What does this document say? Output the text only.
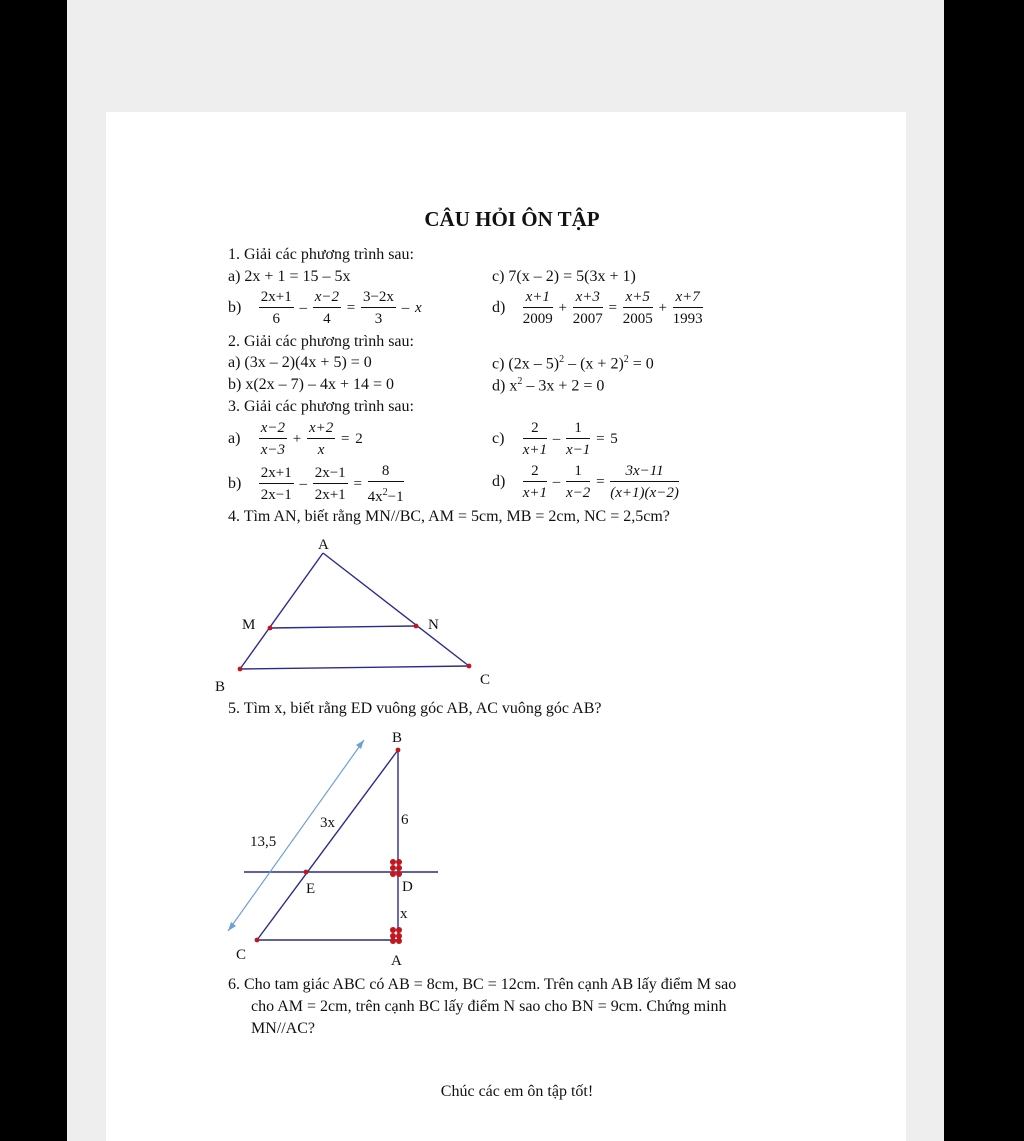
CÂU HỎI ÔN TẬP
1. Giải các phương trình sau:
a) 2x + 1 = 15 – 5x	c) 7(x – 2) = 5(3x + 1)
$b) \frac{2x+1}{6} - \frac{x-2}{4} = \frac{3-2x}{3} - x$	$d) \frac{x+1}{2009} + \frac{x+3}{2007} = \frac{x+5}{2005} + \frac{x+7}{1993}$
2. Giải các phương trình sau:
a) (3x – 2)(4x + 5) = 0	c) $(2x - 5)^2 - (x + 2)^2 = 0$
b) x(2x – 7) – 4x + 14 = 0	d) $x^2 - 3x + 2 = 0$
3. Giải các phương trình sau:
$a) \frac{x-2}{x-3} + \frac{x+2}{x} = 2$	$c) \frac{2}{x+1} - \frac{1}{x-1} = 5$
$b) \frac{2x+1}{2x-1} - \frac{2x-1}{2x+1} = \frac{8}{4x^2-1}$	$d) \frac{2}{x+1} - \frac{1}{x-2} = \frac{3x-11}{(x+1)(x-2)}$
4. Tìm AN, biết rằng MN//BC, AM = 5cm, MB = 2cm, NC = 2,5cm?
A
M	N
B	C
B
E	D
C	A
13,5
3x	6
x
5. Tìm x, biết rằng ED vuông góc AB, AC vuông góc AB?
6. Cho tam giác ABC có AB = 8cm, BC = 12cm. Trên cạnh AB lấy điểm M sao
cho AM = 2cm, trên cạnh BC lấy điểm N sao cho BN = 9cm. Chứng minh
MN//AC?
Chúc các em ôn tập tốt!
